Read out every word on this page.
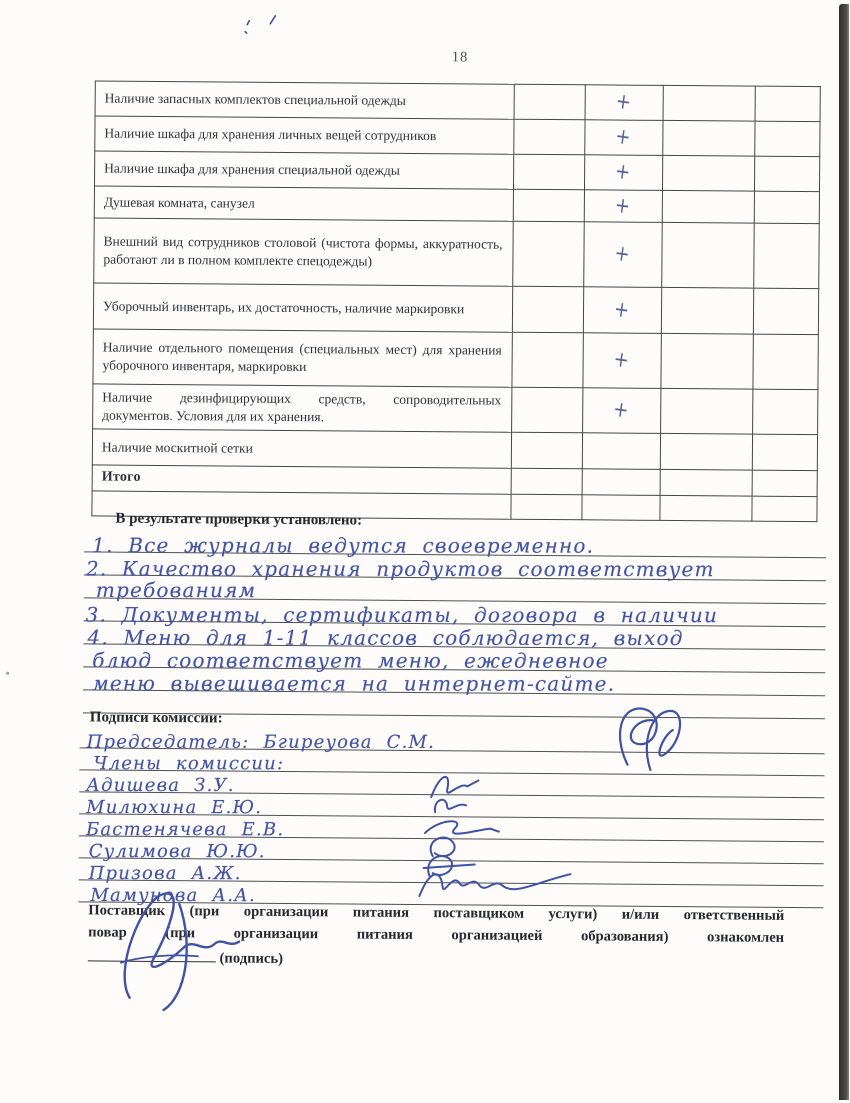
18
Наличие запасных комплектов специальной одежды		+		
Наличие шкафа для хранения личных вещей сотрудников		+		
Наличие шкафа для хранения специальной одежды		+		
Душевая комната, санузел		+		
Внешний вид сотрудников столовой (чистота формы, аккуратность, работают ли в полном комплекте спецодежды)		+		
Уборочный инвентарь, их достаточность, наличие маркировки		+		
Наличие отдельного помещения (специальных мест) для хранения уборочного инвентаря, маркировки		+		
Наличие дезинфицирующих средств, сопроводительных документов. Условия для их хранения.		+		
Наличие москитной сетки				
Итого				

В результате проверки установлено:
1. Все журналы ведутся своевременно.
2. Качество хранения продуктов соответствует
требованиям
3. Документы, сертификаты, договора в наличии
4. Меню для 1-11 классов соблюдается, выход
блюд соответствует меню, ежедневное
меню вывешивается на интернет-сайте.
Подписи комиссии:
Председатель: Бгиреуова С.М.
Члены комиссии:
Адишева З.У.
Милюхина Е.Ю.
Бастенячева Е.В.
Сулимова Ю.Ю.
Призова А.Ж.
Мамунова А.А.
Поставщик (при организации питания поставщиком услуги) и/или ответственный
повар (при организации питания организацией образования) ознакомлен
(подпись)
